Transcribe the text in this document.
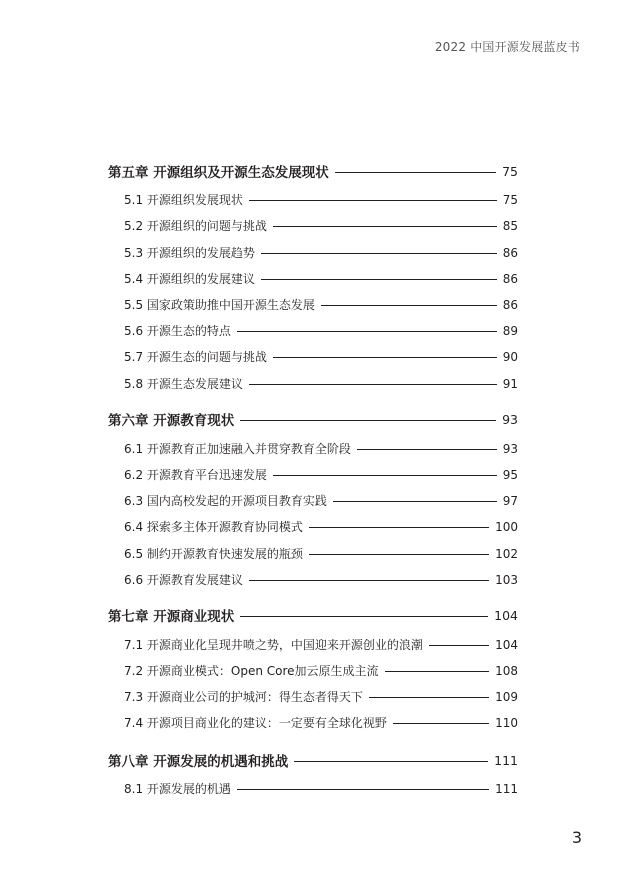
2022 中国开源发展蓝皮书
第五章 开源组织及开源生态发展现状	75
5.1 开源组织发展现状	75
5.2 开源组织的问题与挑战	85
5.3 开源组织的发展趋势	86
5.4 开源组织的发展建议	86
5.5 国家政策助推中国开源生态发展	86
5.6 开源生态的特点	89
5.7 开源生态的问题与挑战	90
5.8 开源生态发展建议	91
第六章 开源教育现状	93
6.1 开源教育正加速融入并贯穿教育全阶段	93
6.2 开源教育平台迅速发展	95
6.3 国内高校发起的开源项目教育实践	97
6.4 探索多主体开源教育协同模式	100
6.5 制约开源教育快速发展的瓶颈	102
6.6 开源教育发展建议	103
第七章 开源商业现状	104
7.1 开源商业化呈现井喷之势，中国迎来开源创业的浪潮	104
7.2 开源商业模式：Open Core加云原生成主流	108
7.3 开源商业公司的护城河：得生态者得天下	109
7.4 开源项目商业化的建议：一定要有全球化视野	110
第八章 开源发展的机遇和挑战	111
8.1 开源发展的机遇	111
3
